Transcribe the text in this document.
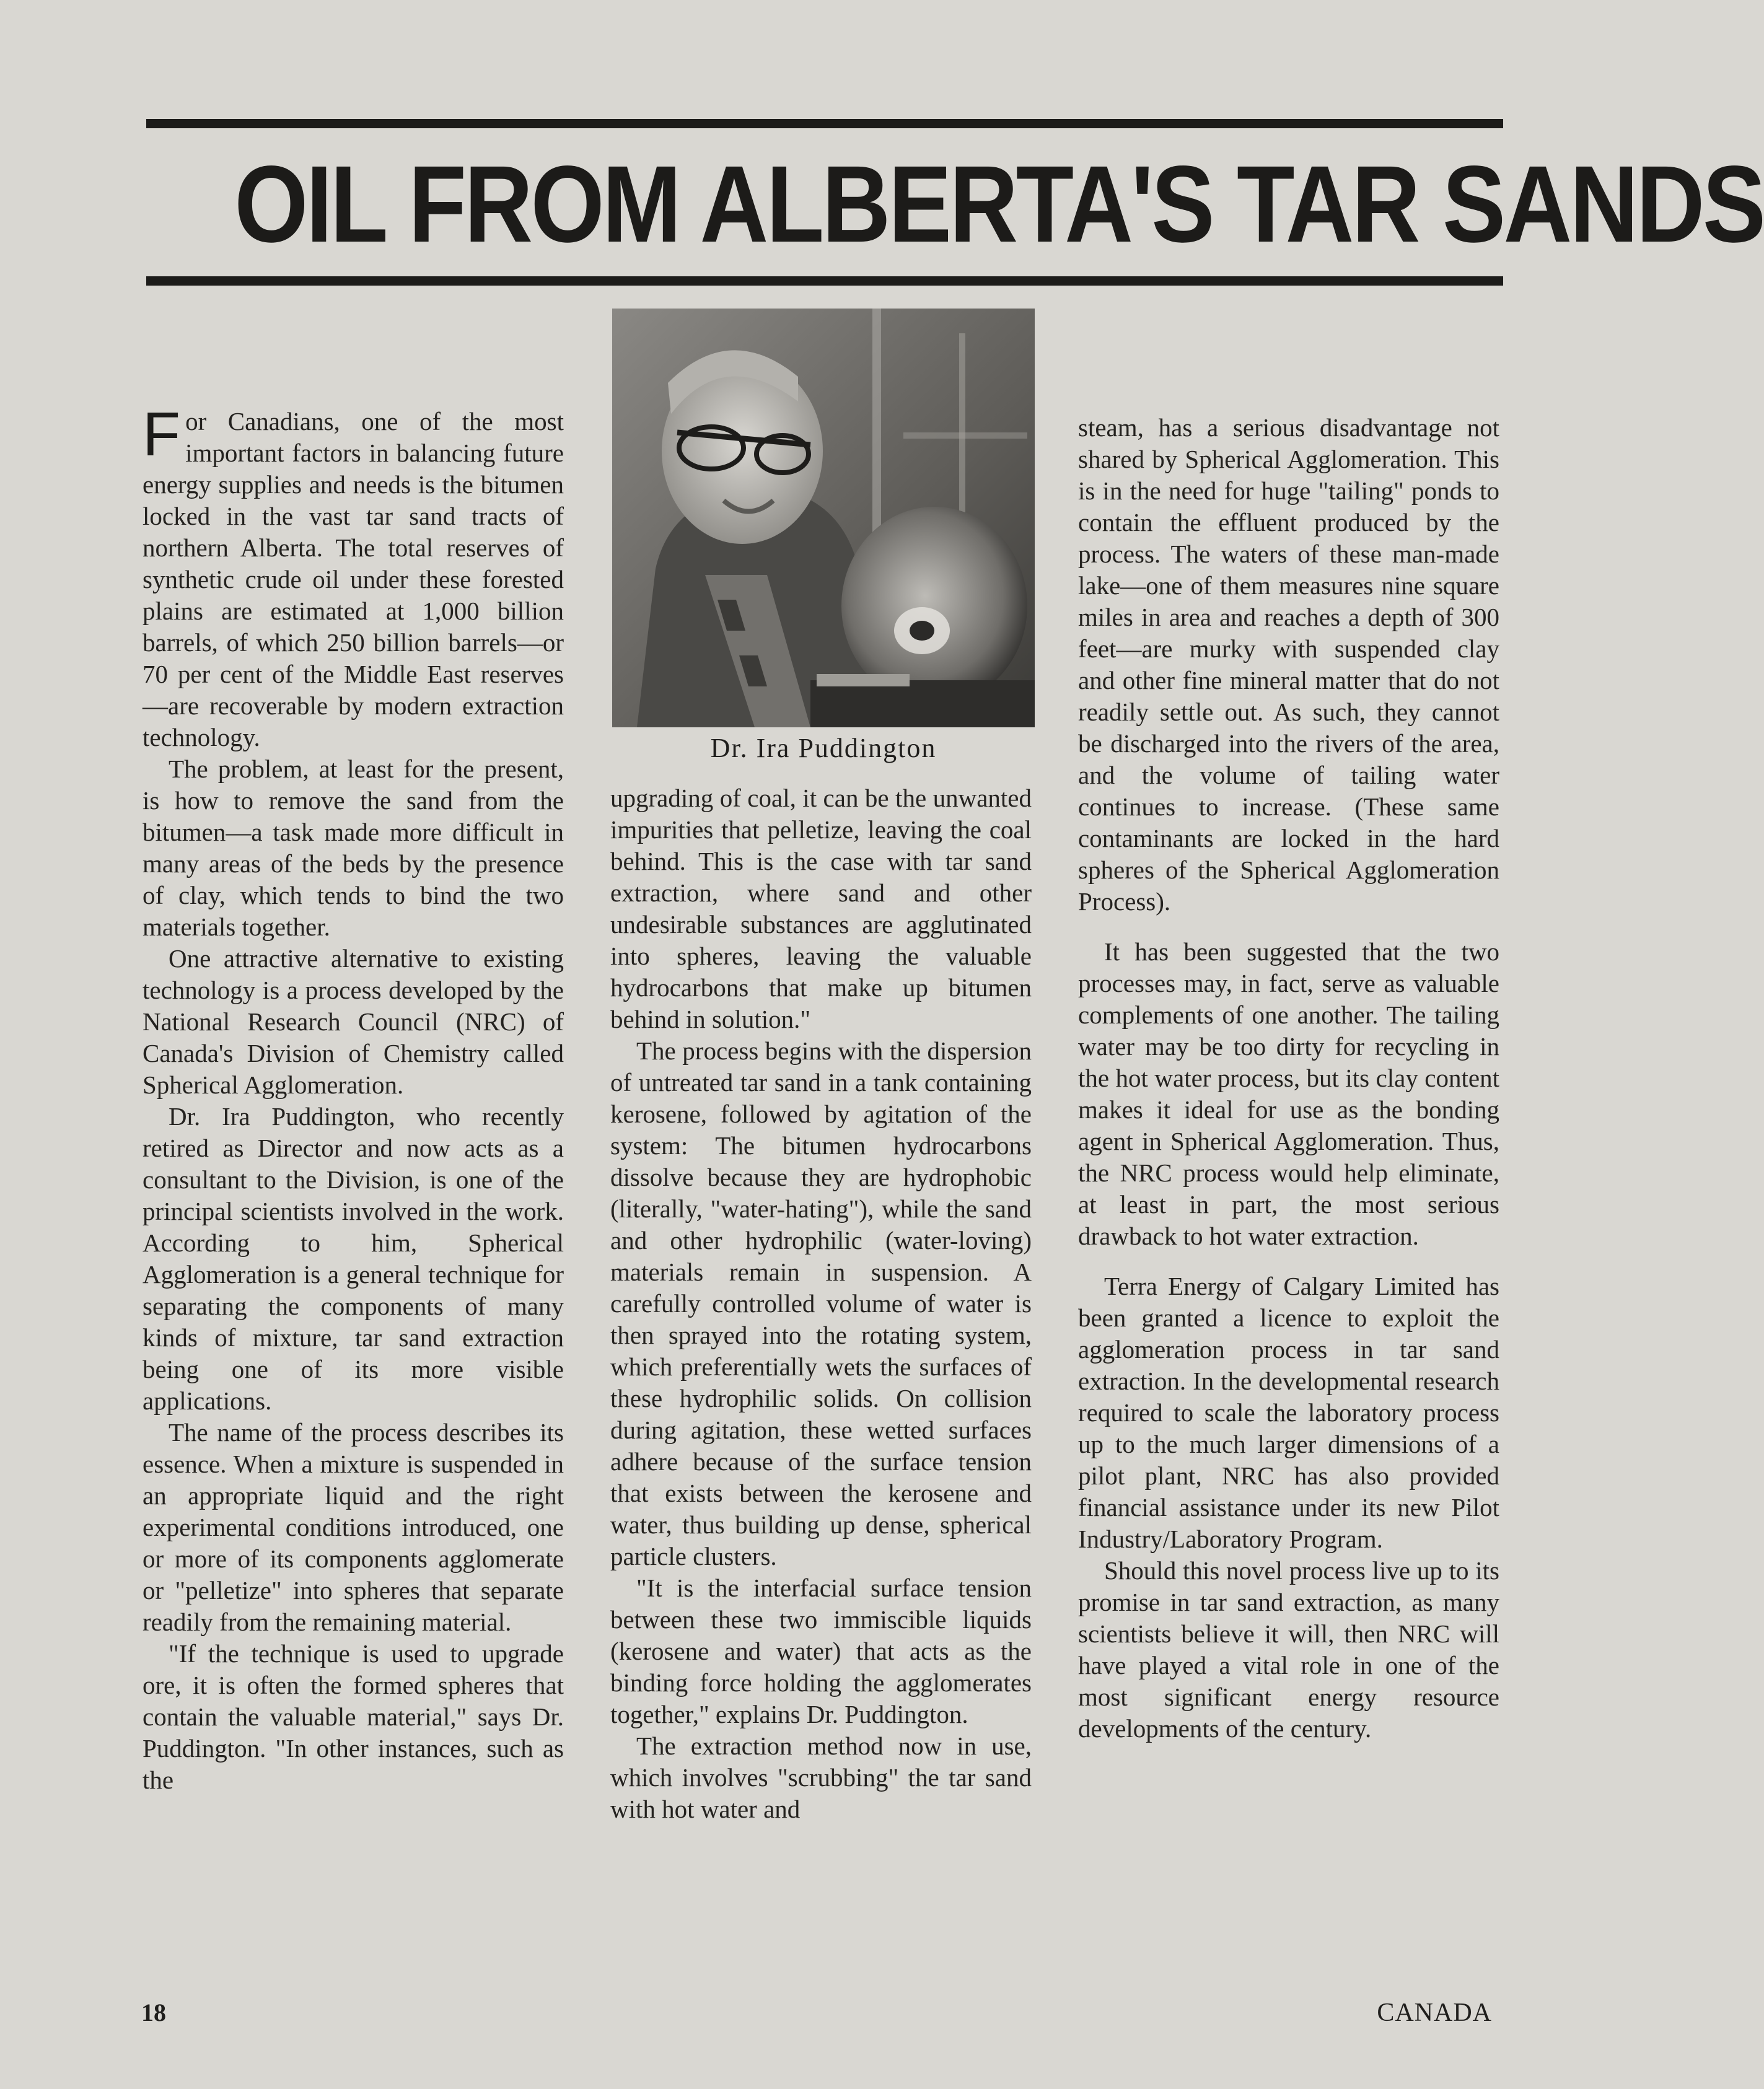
OIL FROM ALBERTA'S TAR SANDS

For Canadians, one of the most important factors in balancing future energy supplies and needs is the bitumen locked in the vast tar sand tracts of northern Alberta. The total reserves of synthetic crude oil under these forested plains are estimated at 1,000 billion barrels, of which 250 billion barrels—or 70 per cent of the Middle East reserves—are recoverable by modern extraction technology.

The problem, at least for the present, is how to remove the sand from the bitumen—a task made more difficult in many areas of the beds by the presence of clay, which tends to bind the two materials together.

One attractive alternative to existing technology is a process developed by the National Research Council (NRC) of Canada's Division of Chemistry called Spherical Agglomeration.

Dr. Ira Puddington, who recently retired as Director and now acts as a consultant to the Division, is one of the principal scientists involved in the work. According to him, Spherical Agglomeration is a general technique for separating the components of many kinds of mixture, tar sand extraction being one of its more visible applications.

The name of the process describes its essence. When a mixture is suspended in an appropriate liquid and the right experimental conditions introduced, one or more of its components agglomerate or "pelletize" into spheres that separate readily from the remaining material.

"If the technique is used to upgrade ore, it is often the formed spheres that contain the valuable material," says Dr. Puddington. "In other instances, such as the

Dr. Ira Puddington

upgrading of coal, it can be the unwanted impurities that pelletize, leaving the coal behind. This is the case with tar sand extraction, where sand and other undesirable substances are agglutinated into spheres, leaving the valuable hydrocarbons that make up bitumen behind in solution."

The process begins with the dispersion of untreated tar sand in a tank containing kerosene, followed by agitation of the system: The bitumen hydrocarbons dissolve because they are hydrophobic (literally, "water-hating"), while the sand and other hydrophilic (water-loving) materials remain in suspension. A carefully controlled volume of water is then sprayed into the rotating system, which preferentially wets the surfaces of these hydrophilic solids. On collision during agitation, these wetted surfaces adhere because of the surface tension that exists between the kerosene and water, thus building up dense, spherical particle clusters.

"It is the interfacial surface tension between these two immiscible liquids (kerosene and water) that acts as the binding force holding the agglomerates together," explains Dr. Puddington.

The extraction method now in use, which involves "scrubbing" the tar sand with hot water and

steam, has a serious disadvantage not shared by Spherical Agglomeration. This is in the need for huge "tailing" ponds to contain the effluent produced by the process. The waters of these man-made lake—one of them measures nine square miles in area and reaches a depth of 300 feet—are murky with suspended clay and other fine mineral matter that do not readily settle out. As such, they cannot be discharged into the rivers of the area, and the volume of tailing water continues to increase. (These same contaminants are locked in the hard spheres of the Spherical Agglomeration Process).

It has been suggested that the two processes may, in fact, serve as valuable complements of one another. The tailing water may be too dirty for recycling in the hot water process, but its clay content makes it ideal for use as the bonding agent in Spherical Agglomeration. Thus, the NRC process would help eliminate, at least in part, the most serious drawback to hot water extraction.

Terra Energy of Calgary Limited has been granted a licence to exploit the agglomeration process in tar sand extraction. In the developmental research required to scale the laboratory process up to the much larger dimensions of a pilot plant, NRC has also provided financial assistance under its new Pilot Industry/Laboratory Program.

Should this novel process live up to its promise in tar sand extraction, as many scientists believe it will, then NRC will have played a vital role in one of the most significant energy resource developments of the century.

18	CANADA
